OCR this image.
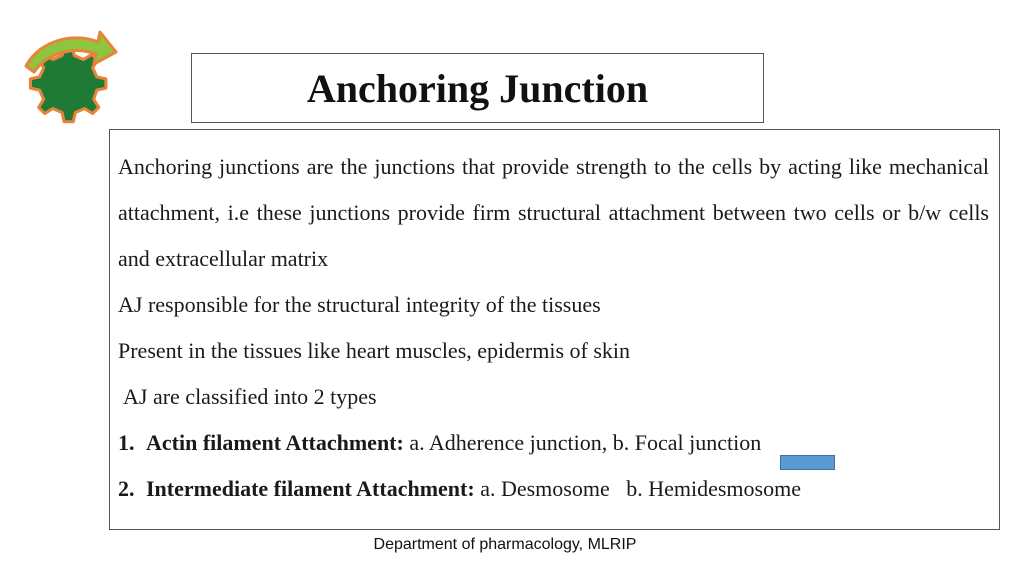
Anchoring Junction

Anchoring junctions are the junctions that provide strength to the cells by acting like mechanical attachment, i.e these junctions provide firm structural attachment between two cells or b/w cells and extracellular matrix

AJ responsible for the structural integrity of the tissues

Present in the tissues like heart muscles, epidermis of skin

AJ are classified into 2 types

1. Actin filament Attachment: a. Adherence junction, b. Focal junction

2. Intermediate filament Attachment: a. Desmosome   b. Hemidesmosome

Department of pharmacology, MLRIP
